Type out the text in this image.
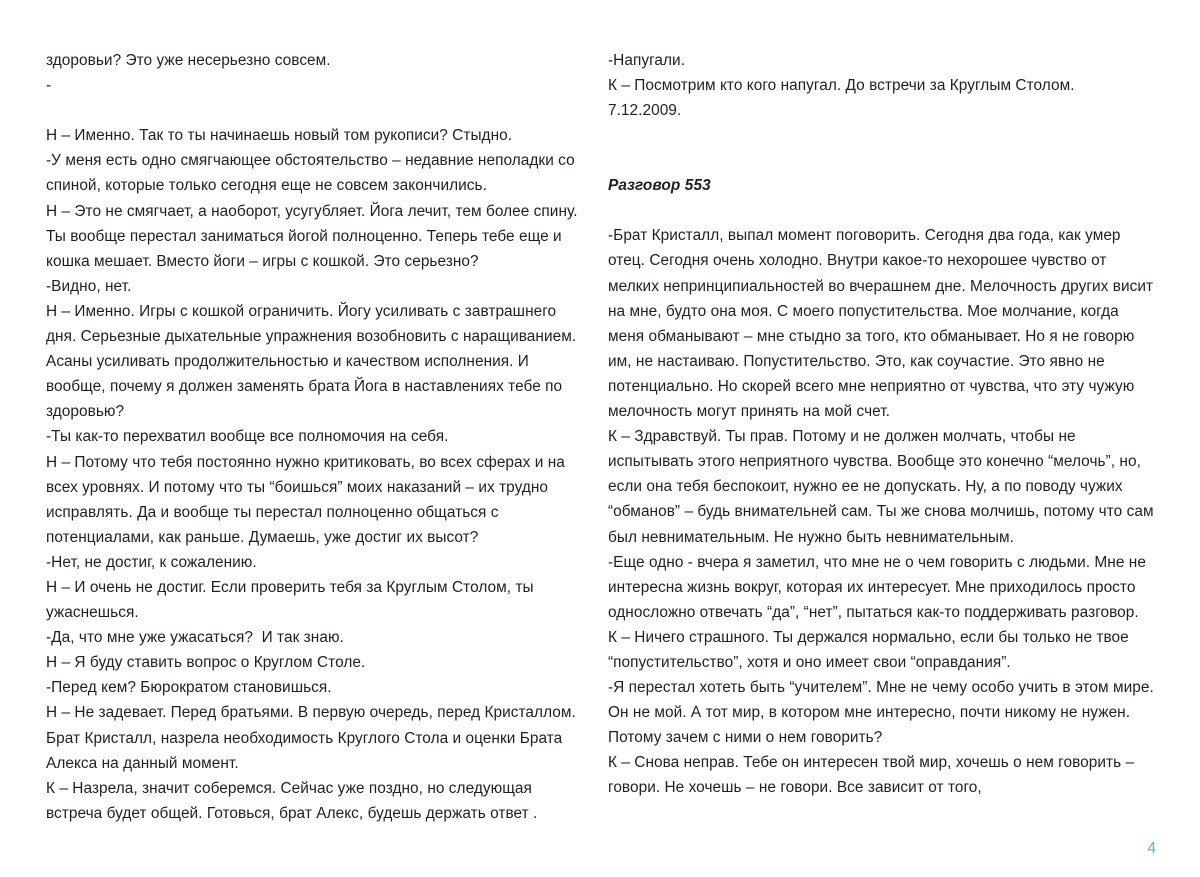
здоровьи? Это уже несерьезно совсем.

-

Н – Именно. Так то ты начинаешь новый том рукописи? Стыдно.

-У меня есть одно смягчающее обстоятельство – недавние неполадки со спиной, которые только сегодня еще не совсем закончились.

Н – Это не смягчает, а наоборот, усугубляет. Йога лечит, тем более спину. Ты вообще перестал заниматься йогой полноценно. Теперь тебе еще и кошка мешает. Вместо йоги – игры с кошкой. Это серьезно?

-Видно, нет.

Н – Именно. Игры с кошкой ограничить. Йогу усиливать с завтрашнего дня. Серьезные дыхательные упражнения возобновить с наращиванием. Асаны усиливать продолжительностью и качеством исполнения. И вообще, почему я должен заменять брата Йога в наставлениях тебе по здоровью?

-Ты как-то перехватил вообще все полномочия на себя.

Н – Потому что тебя постоянно нужно критиковать, во всех сферах и на всех уровнях. И потому что ты “боишься” моих наказаний – их трудно исправлять. Да и вообще ты перестал полноценно общаться с потенциалами, как раньше. Думаешь, уже достиг их высот?

-Нет, не достиг, к сожалению.

Н – И очень не достиг. Если проверить тебя за Круглым Столом, ты ужаснешься.

-Да, что мне уже ужасаться?  И так знаю.

Н – Я буду ставить вопрос о Круглом Столе.

-Перед кем? Бюрократом становишься.

Н – Не задевает. Перед братьями. В первую очередь, перед Кристаллом. Брат Кристалл, назрела необходимость Круглого Стола и оценки Брата Алекса на данный момент.

К – Назрела, значит соберемся. Сейчас уже поздно, но следующая встреча будет общей. Готовься, брат Алекс, будешь держать ответ .

-Напугали.

К – Посмотрим кто кого напугал. До встречи за Круглым Столом.

7.12.2009.

Разговор 553

-Брат Кристалл, выпал момент поговорить. Сегодня два года, как умер отец. Сегодня очень холодно. Внутри какое-то нехорошее чувство от мелких непринципиальностей во вчерашнем дне. Мелочность других висит на мне, будто она моя. С моего попустительства. Мое молчание, когда меня обманывают – мне стыдно за того, кто обманывает. Но я не говорю им, не настаиваю. Попустительство. Это, как соучастие. Это явно не потенциально. Но скорей всего мне неприятно от чувства, что эту чужую мелочность могут принять на мой счет.

К – Здравствуй. Ты прав. Потому и не должен молчать, чтобы не испытывать этого неприятного чувства. Вообще это конечно “мелочь”, но, если она тебя беспокоит, нужно ее не допускать. Ну, а по поводу чужих “обманов” – будь внимательней сам. Ты же снова молчишь, потому что сам был невнимательным. Не нужно быть невнимательным.

-Еще одно - вчера я заметил, что мне не о чем говорить с людьми. Мне не интересна жизнь вокруг, которая их интересует. Мне приходилось просто односложно отвечать “да”, “нет”, пытаться как-то поддерживать разговор.

К – Ничего страшного. Ты держался нормально, если бы только не твое “попустительство”, хотя и оно имеет свои “оправдания”.

-Я перестал хотеть быть “учителем”. Мне не чему особо учить в этом мире. Он не мой. А тот мир, в котором мне интересно, почти никому не нужен. Потому зачем с ними о нем говорить?

К – Снова неправ. Тебе он интересен твой мир, хочешь о нем говорить – говори. Не хочешь – не говори. Все зависит от того,

4
